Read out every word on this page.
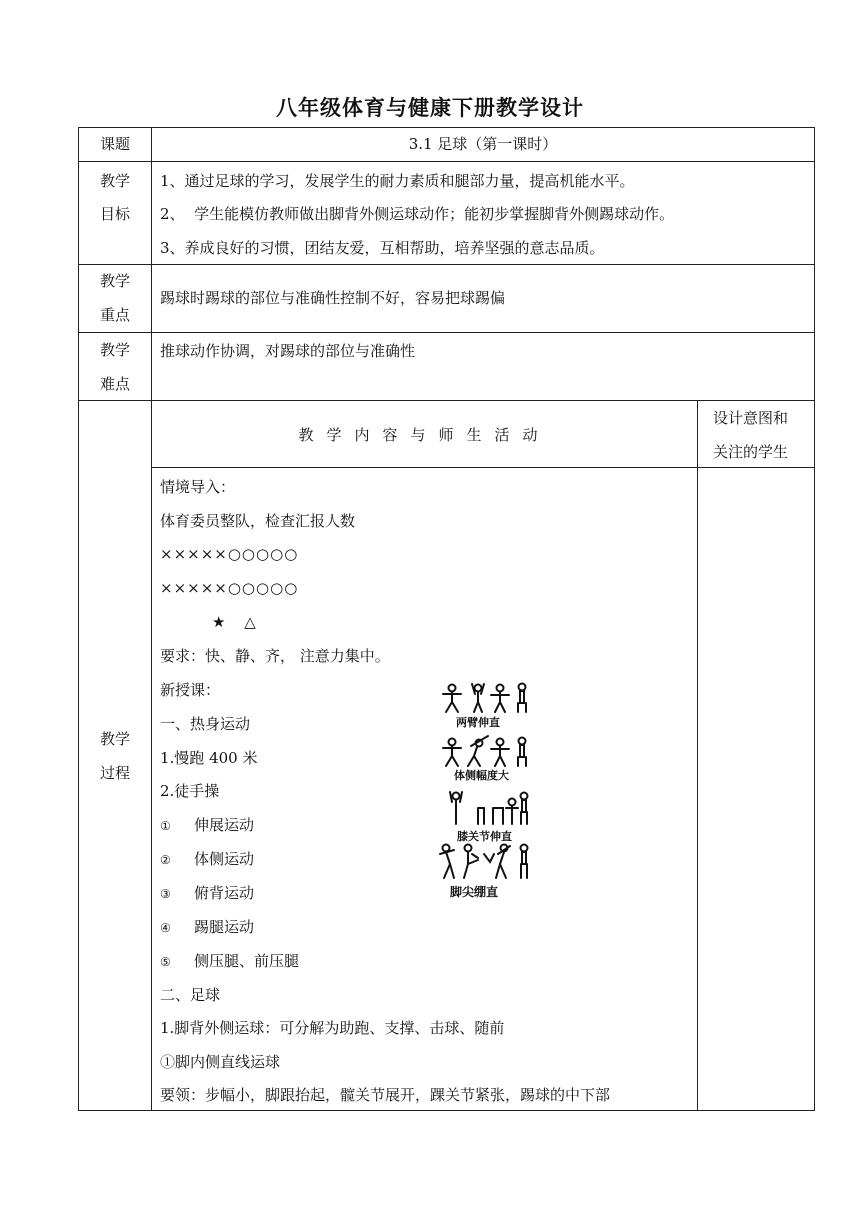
八年级体育与健康下册教学设计
课题	3.1 足球（第一课时）
教学
目标
1、通过足球的学习，发展学生的耐力素质和腿部力量，提高机能水平。
2、  学生能模仿教师做出脚背外侧运球动作；能初步掌握脚背外侧踢球动作。
3、养成良好的习惯，团结友爱，互相帮助，培养坚强的意志品质。
教学
重点
踢球时踢球的部位与准确性控制不好，容易把球踢偏
教学
难点
推球动作协调，对踢球的部位与准确性
教学
过程
教学内容与师生活动
设计意图和
关注的学生
情境导入：
体育委员整队，检查汇报人数
×××××○○○○○
×××××○○○○○
★ △
要求：快、静、齐， 注意力集中。
新授课：
一、热身运动
1.慢跑 400 米
2.徒手操
① 伸展运动
② 体侧运动
③ 俯背运动
④ 踢腿运动
⑤ 侧压腿、前压腿
二、足球
1.脚背外侧运球：可分解为助跑、支撑、击球、随前
①脚内侧直线运球
要领：步幅小，脚跟抬起，髋关节展开，踝关节紧张，踢球的中下部
两臂伸直
体侧幅度大
膝关节伸直
脚尖绷直
